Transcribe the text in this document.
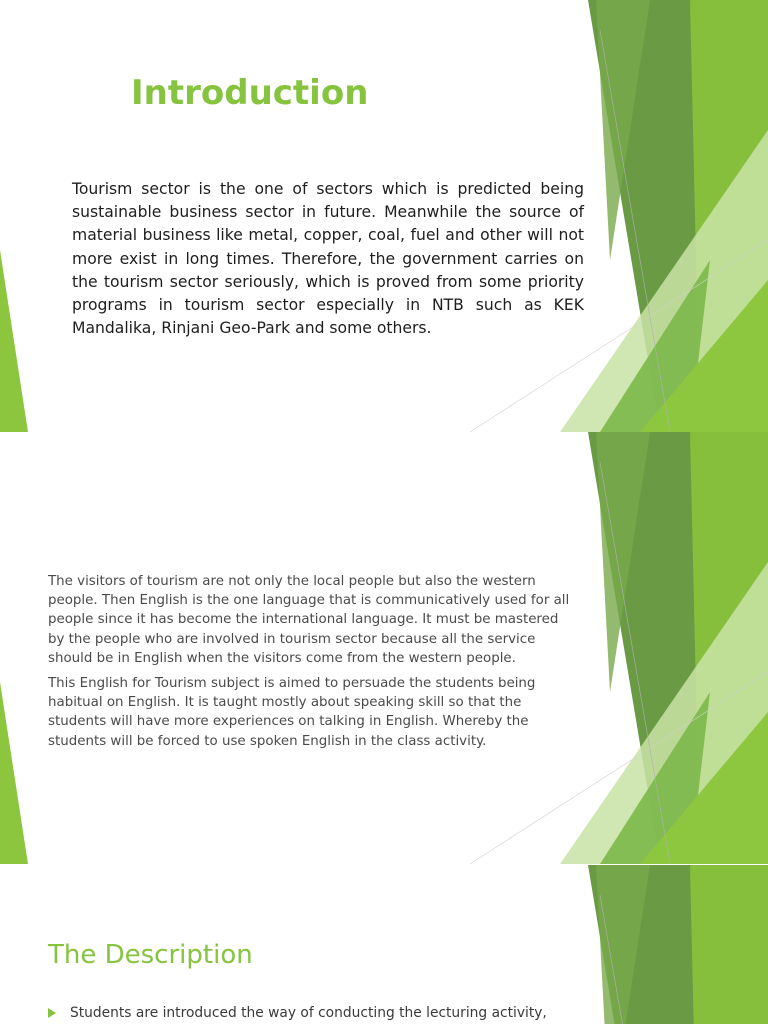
Introduction
Tourism sector is the one of sectors which is predicted being sustainable business sector in future. Meanwhile the source of material business like metal, copper, coal, fuel and other will not more exist in long times. Therefore, the government carries on the tourism sector seriously, which is proved from some priority programs in tourism sector especially in NTB such as KEK Mandalika, Rinjani Geo-Park and some others.

The visitors of tourism are not only the local people but also the western people. Then English is the one language that is communicatively used for all people since it has become the international language. It must be mastered by the people who are involved in tourism sector because all the service should be in English when the visitors come from the western people.

This English for Tourism subject is aimed to persuade the students being habitual on English. It is taught mostly about speaking skill so that the students will have more experiences on talking in English. Whereby the students will be forced to use spoken English in the class activity.

The Description
Students are introduced the way of conducting the lecturing activity,
